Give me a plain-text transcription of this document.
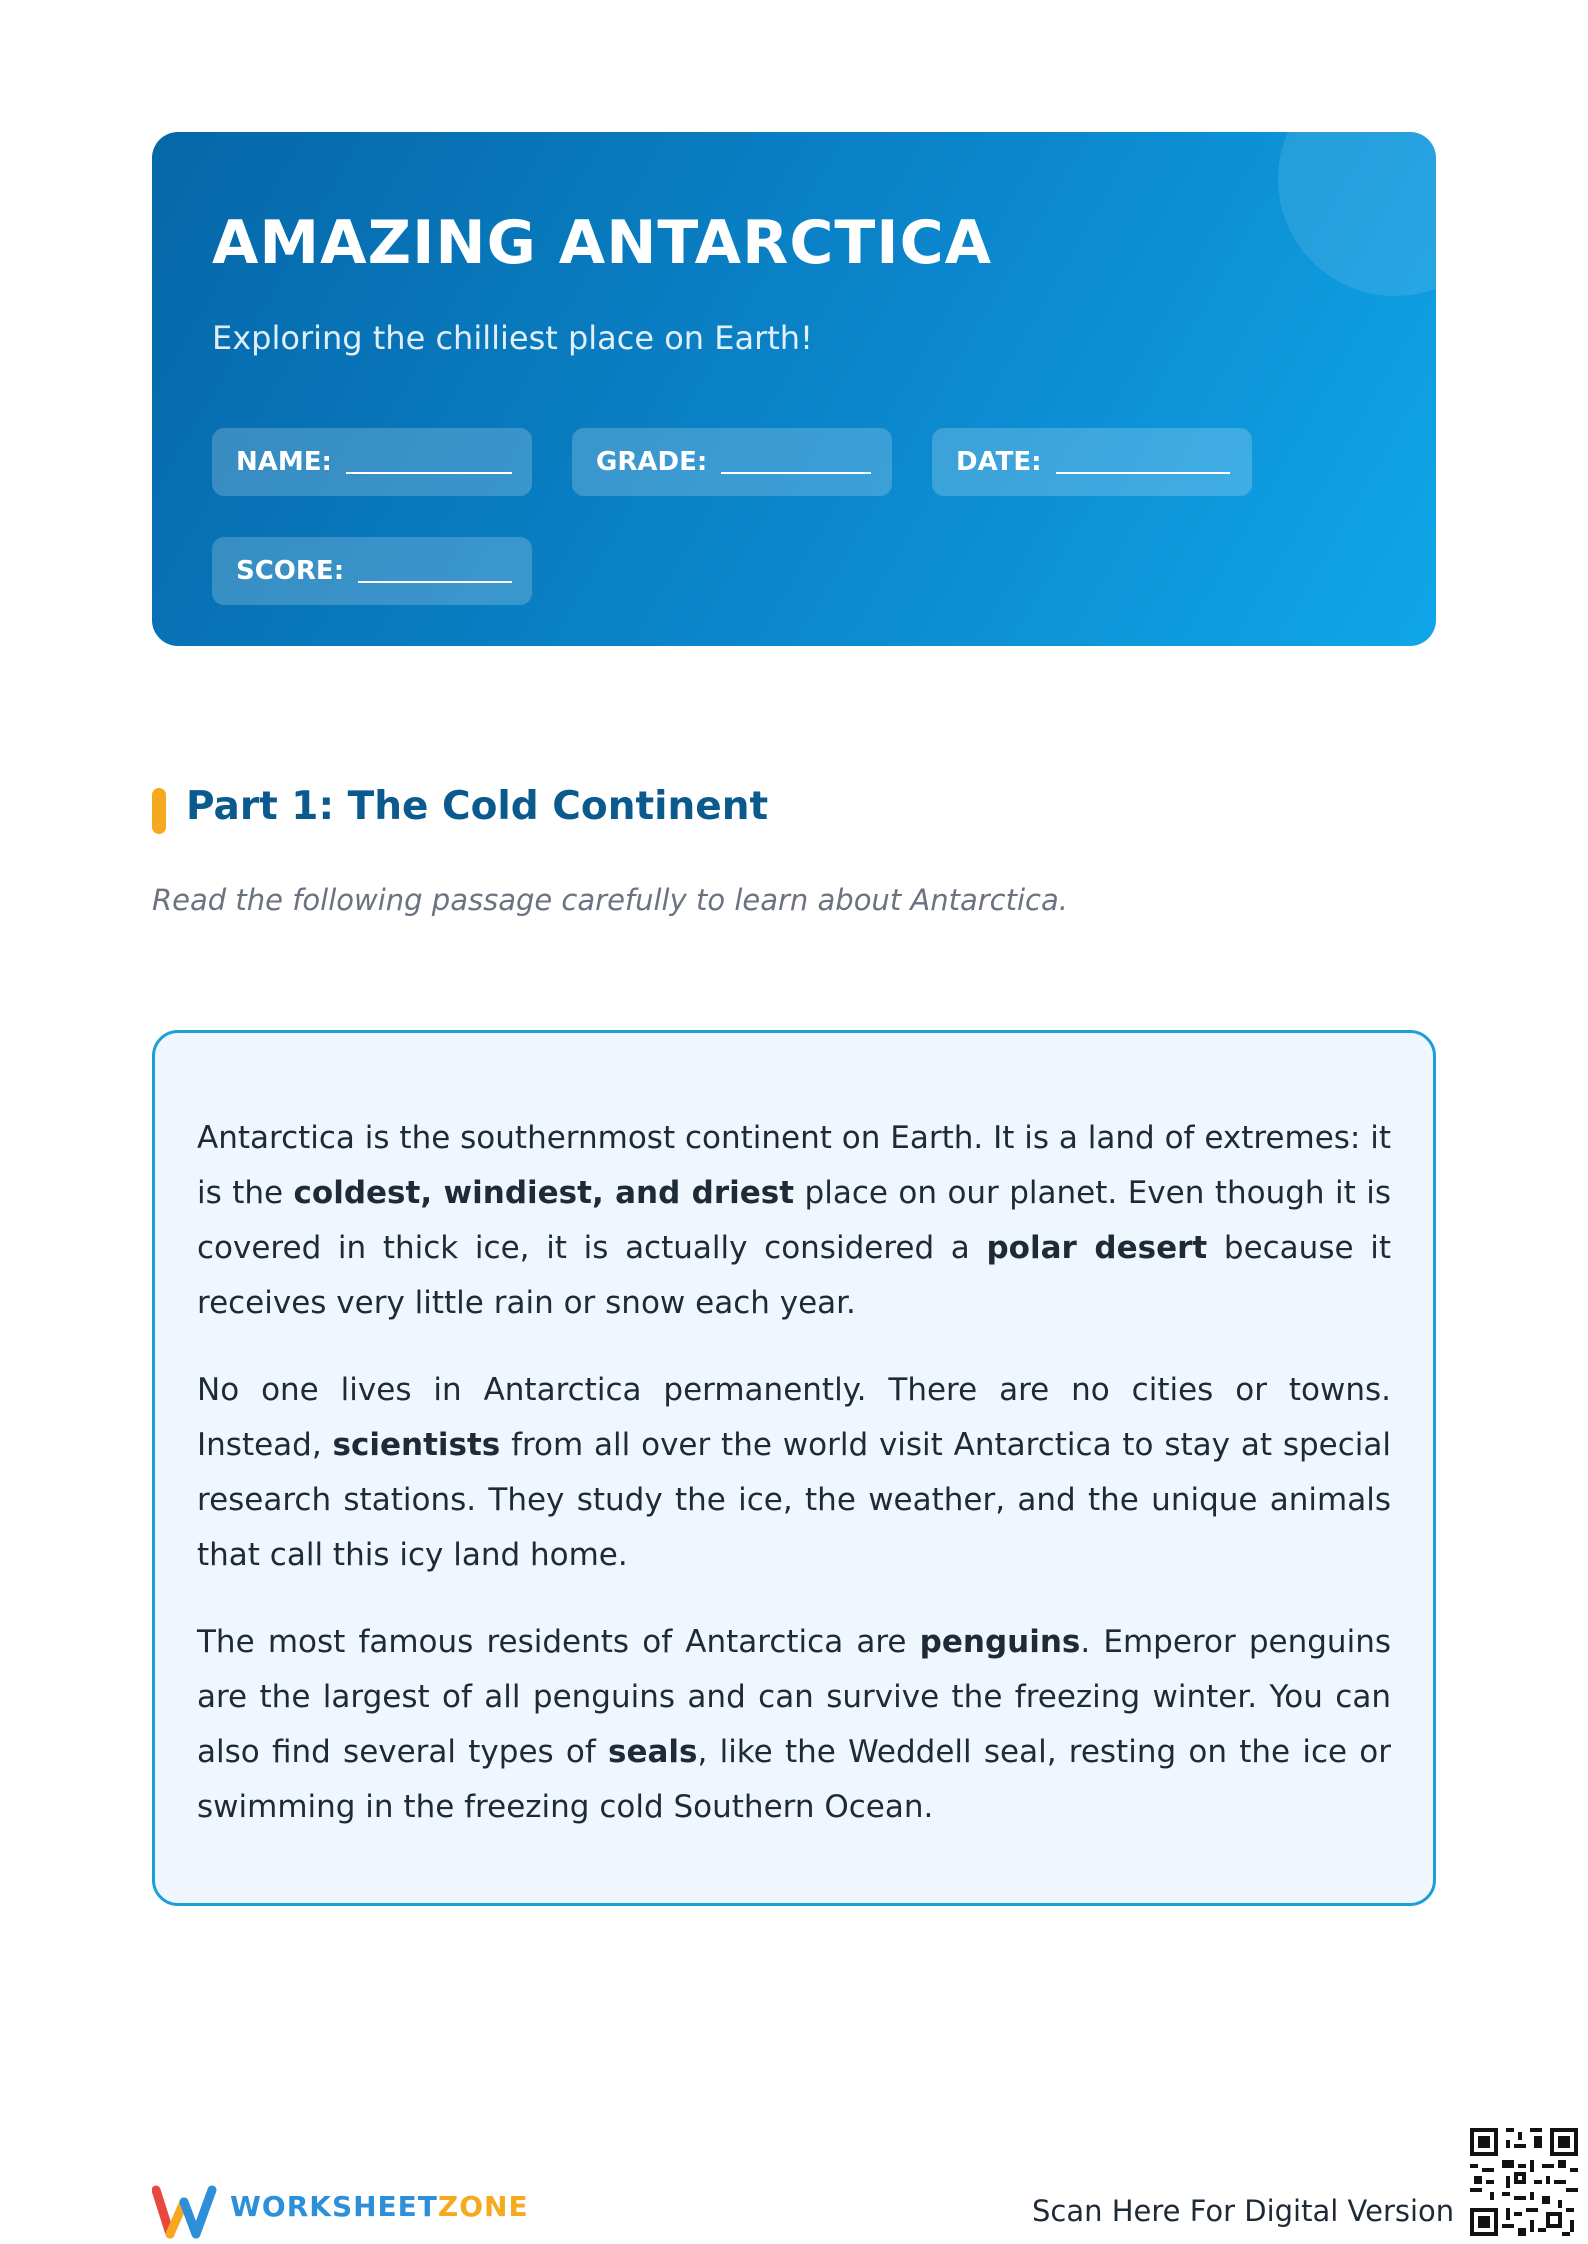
AMAZING ANTARCTICA

Exploring the chilliest place on Earth!

NAME:	GRADE:	DATE:
SCORE:
Part 1: The Cold Continent

Read the following passage carefully to learn about Antarctica.

Antarctica is the southernmost continent on Earth. It is a land of extremes: it is the coldest, windiest, and driest place on our planet. Even though it is covered in thick ice, it is actually considered a polar desert because it receives very little rain or snow each year.

No one lives in Antarctica permanently. There are no cities or towns. Instead, scientists from all over the world visit Antarctica to stay at special research stations. They study the ice, the weather, and the unique animals that call this icy land home.

The most famous residents of Antarctica are penguins. Emperor penguins are the largest of all penguins and can survive the freezing winter. You can also find several types of seals, like the Weddell seal, resting on the ice or swimming in the freezing cold Southern Ocean.

WORKSHEETZONE	Scan Here For Digital Version
